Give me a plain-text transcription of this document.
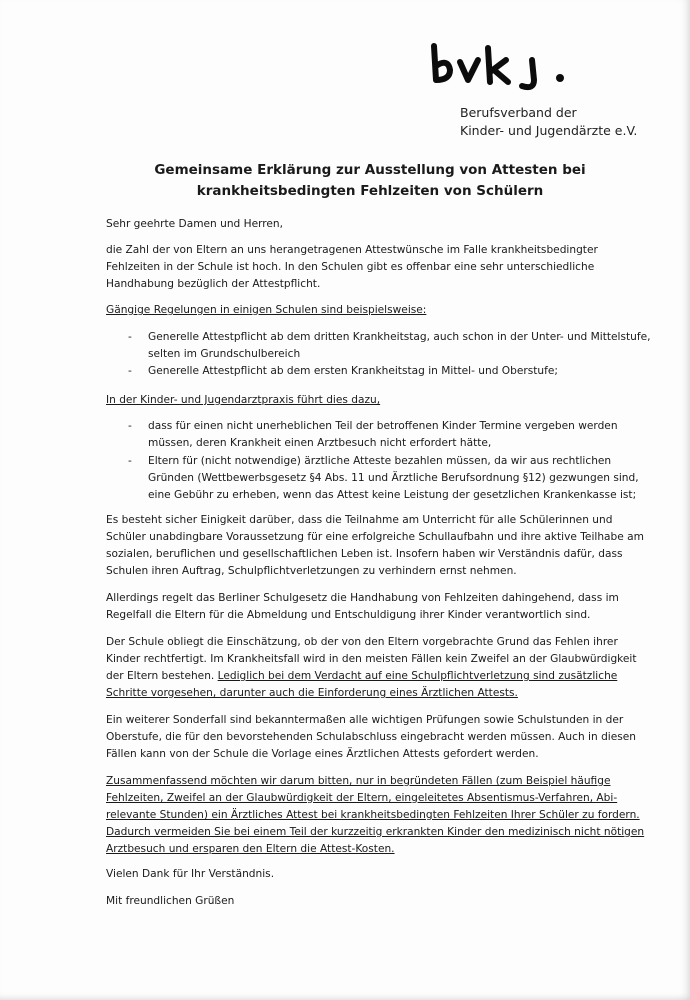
Berufsverband der
Kinder- und Jugendärzte e.V.
Gemeinsame Erklärung zur Ausstellung von Attesten bei krankheitsbedingten Fehlzeiten von Schülern
Sehr geehrte Damen und Herren,
die Zahl der von Eltern an uns herangetragenen Attestwünsche im Falle krankheitsbedingter Fehlzeiten in der Schule ist hoch. In den Schulen gibt es offenbar eine sehr unterschiedliche Handhabung bezüglich der Attestpflicht.
Gängige Regelungen in einigen Schulen sind beispielsweise:
- Generelle Attestpflicht ab dem dritten Krankheitstag, auch schon in der Unter- und Mittelstufe, selten im Grundschulbereich
- Generelle Attestpflicht ab dem ersten Krankheitstag in Mittel- und Oberstufe;
In der Kinder- und Jugendarztpraxis führt dies dazu,
- dass für einen nicht unerheblichen Teil der betroffenen Kinder Termine vergeben werden müssen, deren Krankheit einen Arztbesuch nicht erfordert hätte,
- Eltern für (nicht notwendige) ärztliche Atteste bezahlen müssen, da wir aus rechtlichen Gründen (Wettbewerbsgesetz §4 Abs. 11 und Ärztliche Berufsordnung §12) gezwungen sind, eine Gebühr zu erheben, wenn das Attest keine Leistung der gesetzlichen Krankenkasse ist;
Es besteht sicher Einigkeit darüber, dass die Teilnahme am Unterricht für alle Schülerinnen und Schüler unabdingbare Voraussetzung für eine erfolgreiche Schullaufbahn und ihre aktive Teilhabe am sozialen, beruflichen und gesellschaftlichen Leben ist. Insofern haben wir Verständnis dafür, dass Schulen ihren Auftrag, Schulpflichtverletzungen zu verhindern ernst nehmen.
Allerdings regelt das Berliner Schulgesetz die Handhabung von Fehlzeiten dahingehend, dass im Regelfall die Eltern für die Abmeldung und Entschuldigung ihrer Kinder verantwortlich sind.
Der Schule obliegt die Einschätzung, ob der von den Eltern vorgebrachte Grund das Fehlen ihrer Kinder rechtfertigt. Im Krankheitsfall wird in den meisten Fällen kein Zweifel an der Glaubwürdigkeit der Eltern bestehen. Lediglich bei dem Verdacht auf eine Schulpflichtverletzung sind zusätzliche Schritte vorgesehen, darunter auch die Einforderung eines Ärztlichen Attests.
Ein weiterer Sonderfall sind bekanntermaßen alle wichtigen Prüfungen sowie Schulstunden in der Oberstufe, die für den bevorstehenden Schulabschluss eingebracht werden müssen. Auch in diesen Fällen kann von der Schule die Vorlage eines Ärztlichen Attests gefordert werden.
Zusammenfassend möchten wir darum bitten, nur in begründeten Fällen (zum Beispiel häufige Fehlzeiten, Zweifel an der Glaubwürdigkeit der Eltern, eingeleitetes Absentismus-Verfahren, Abi-relevante Stunden) ein Ärztliches Attest bei krankheitsbedingten Fehlzeiten Ihrer Schüler zu fordern. Dadurch vermeiden Sie bei einem Teil der kurzzeitig erkrankten Kinder den medizinisch nicht nötigen Arztbesuch und ersparen den Eltern die Attest-Kosten.
Vielen Dank für Ihr Verständnis.
Mit freundlichen Grüßen
